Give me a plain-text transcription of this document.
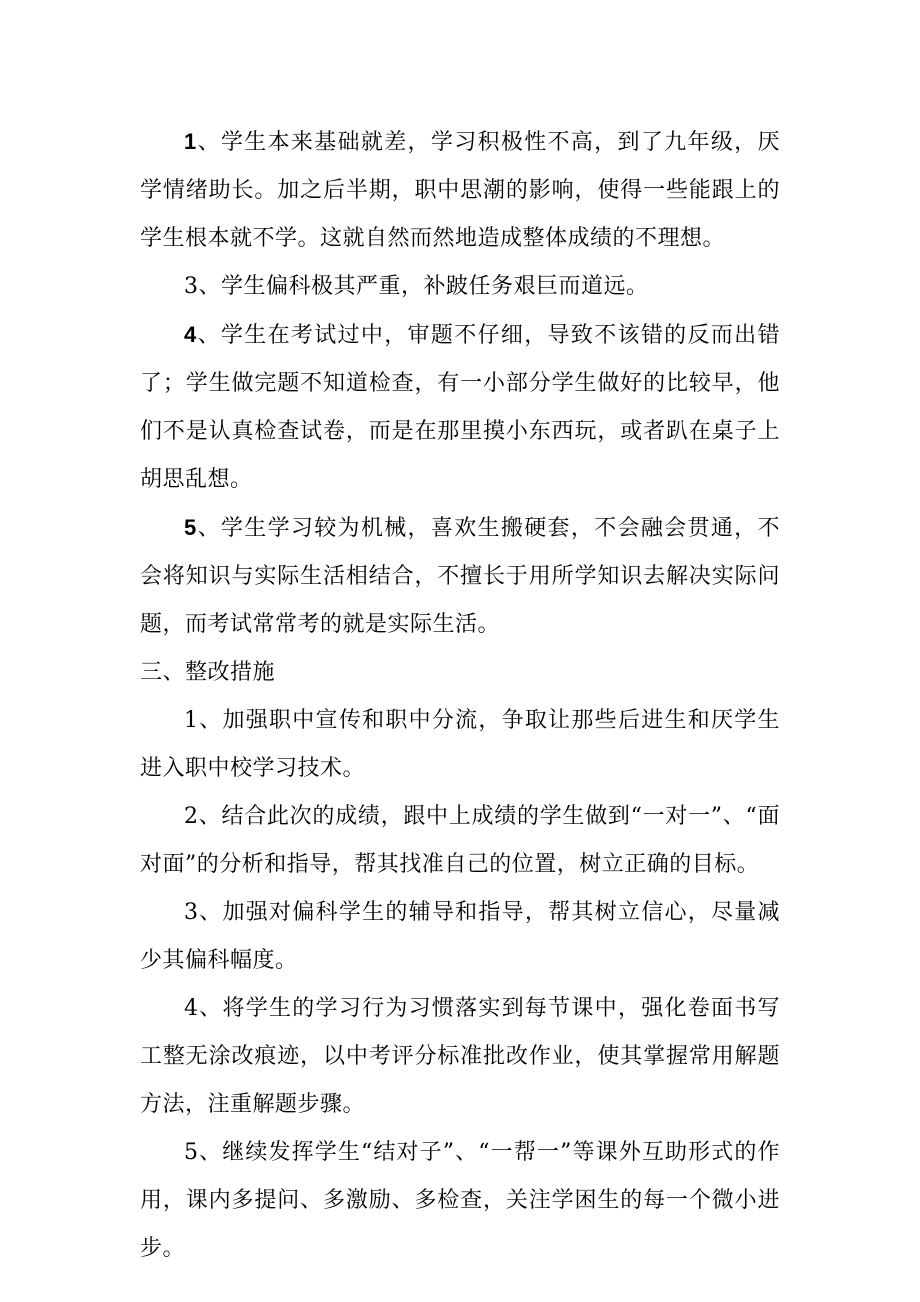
1、学生本来基础就差，学习积极性不高，到了九年级，厌学情绪助长。加之后半期，职中思潮的影响，使得一些能跟上的学生根本就不学。这就自然而然地造成整体成绩的不理想。

3、学生偏科极其严重，补跛任务艰巨而道远。

4、学生在考试过中，审题不仔细，导致不该错的反而出错了；学生做完题不知道检查，有一小部分学生做好的比较早，他们不是认真检查试卷，而是在那里摸小东西玩，或者趴在桌子上胡思乱想。

5、学生学习较为机械，喜欢生搬硬套，不会融会贯通，不会将知识与实际生活相结合，不擅长于用所学知识去解决实际问题，而考试常常考的就是实际生活。

三、整改措施

1、加强职中宣传和职中分流，争取让那些后进生和厌学生进入职中校学习技术。

2、结合此次的成绩，跟中上成绩的学生做到“一对一”、“面对面”的分析和指导，帮其找准自己的位置，树立正确的目标。

3、加强对偏科学生的辅导和指导，帮其树立信心，尽量减少其偏科幅度。

4、将学生的学习行为习惯落实到每节课中，强化卷面书写工整无涂改痕迹，以中考评分标准批改作业，使其掌握常用解题方法，注重解题步骤。

5、继续发挥学生“结对子”、“一帮一”等课外互助形式的作用，课内多提问、多激励、多检查，关注学困生的每一个微小进步。
